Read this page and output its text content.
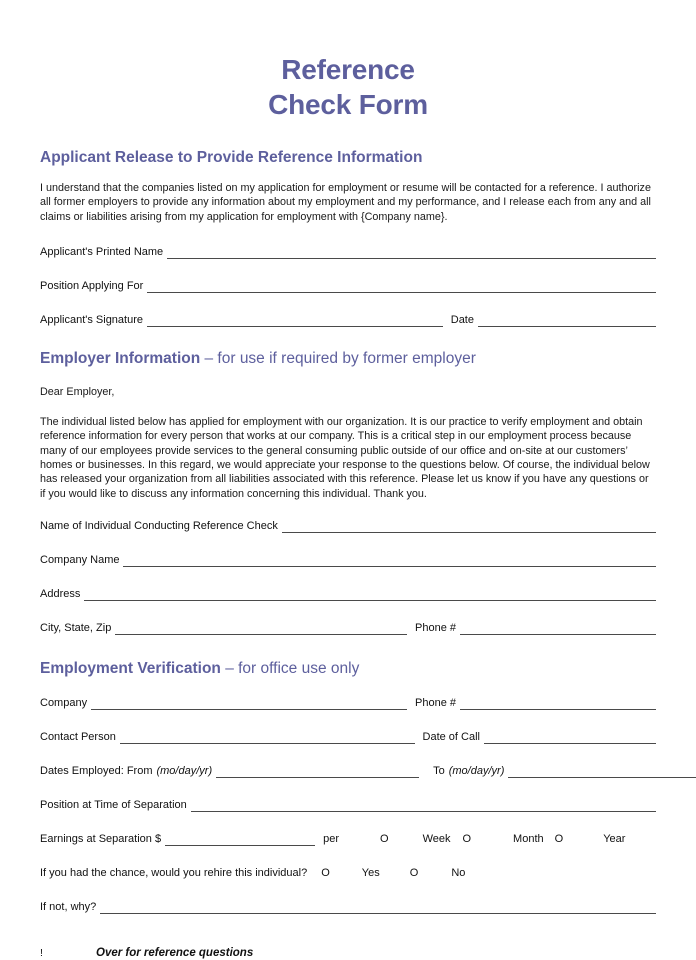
Reference
Check Form
Applicant Release to Provide Reference Information

I understand that the companies listed on my application for employment or resume will be contacted for a reference. I authorize all former employers to provide any information about my employment and my performance, and I release each from any and all claims or liabilities arising from my application for employment with {Company name}.

Applicant's Printed Name
Position Applying For
Applicant's Signature	Date
Employer Information – for use if required by former employer

Dear Employer,

The individual listed below has applied for employment with our organization. It is our practice to verify employment and obtain reference information for every person that works at our company. This is a critical step in our employment process because many of our employees provide services to the general consuming public outside of our office and on-site at our customers’ homes or businesses. In this regard, we would appreciate your response to the questions below. Of course, the individual below has released your organization from all liabilities associated with this reference. Please let us know if you have any questions or if you would like to discuss any information concerning this individual. Thank you.

Name of Individual Conducting Reference Check
Company Name
Address
City, State, Zip	Phone #
Employment Verification – for office use only
Company	Phone #
Contact Person	Date of Call
Dates Employed: From (mo/day/yr)	To (mo/day/yr)
Position at Time of Separation
Earnings at Separation $	per	O	Week O	Month O	Year
If you had the chance, would you rehire this individual?	O	Yes	O	No
If not, why?
!	Over for reference questions
